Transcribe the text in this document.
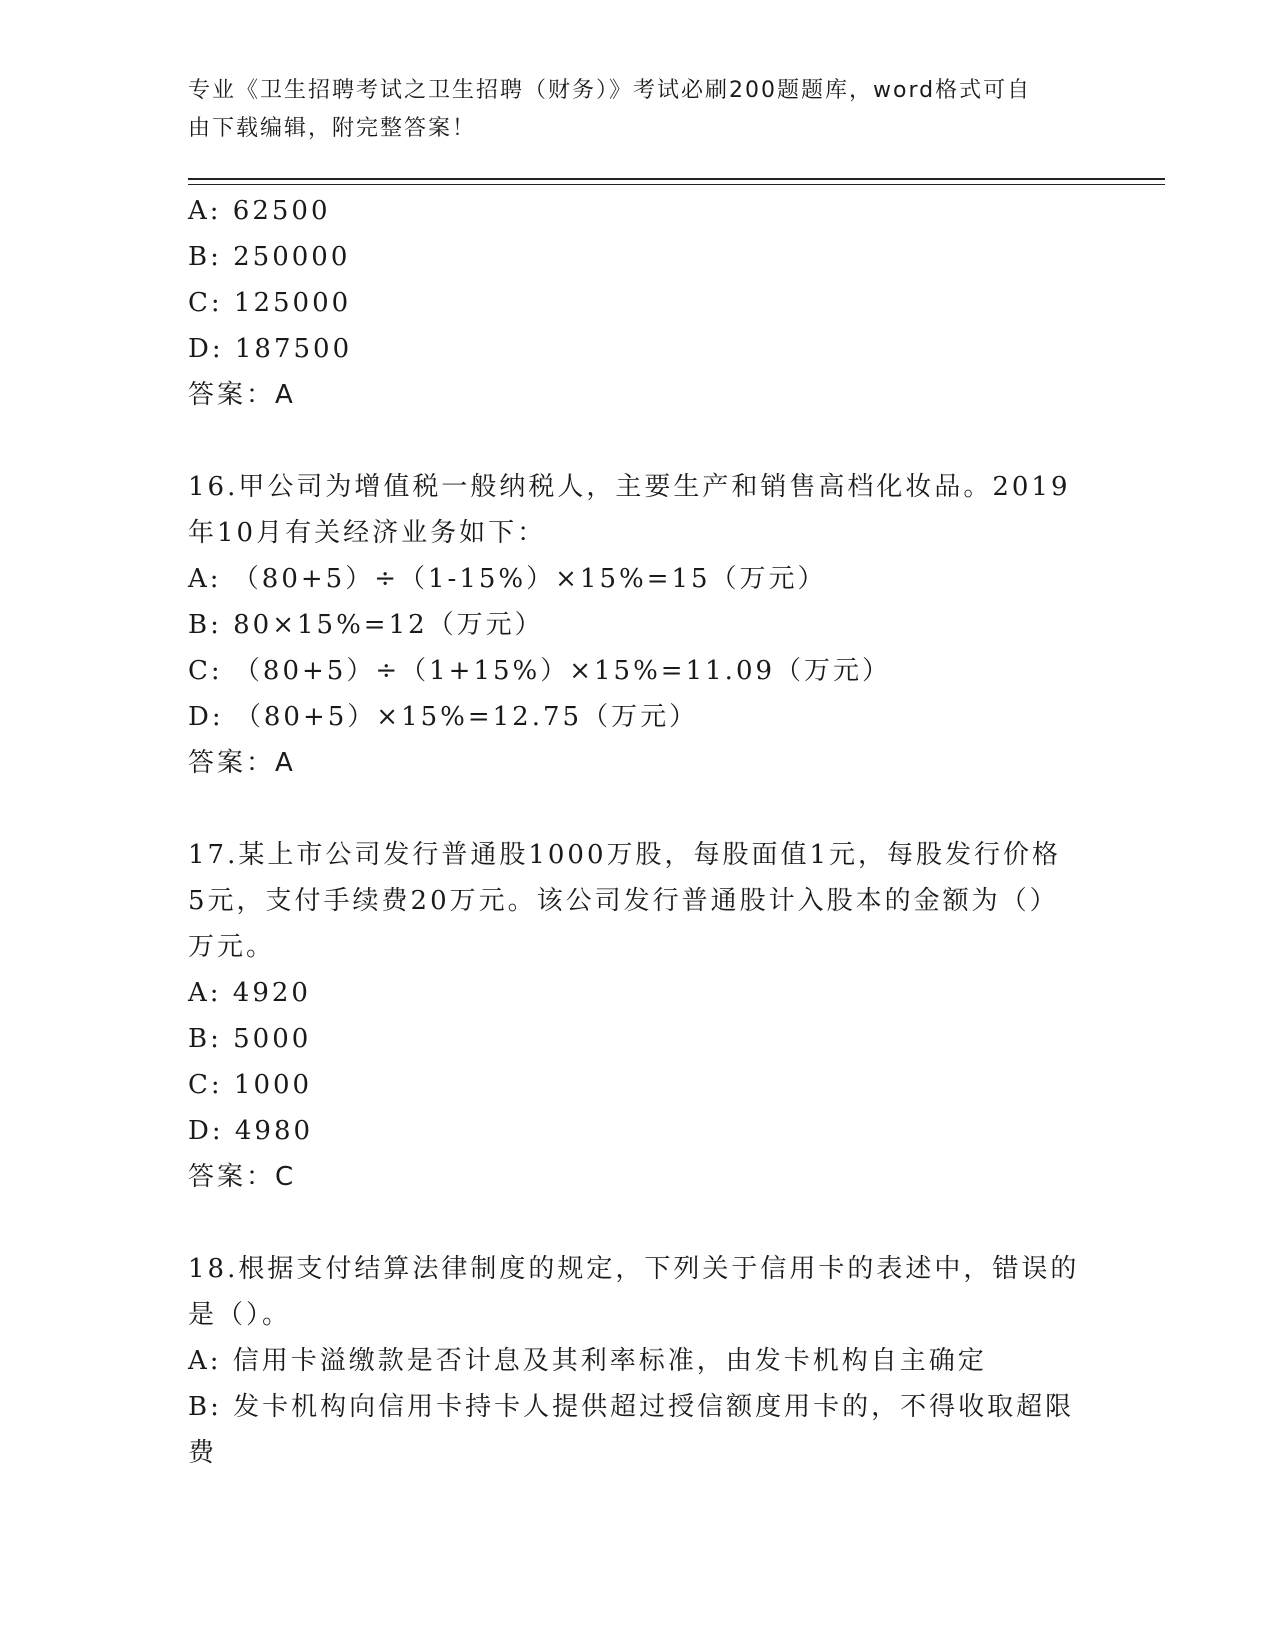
专业《卫生招聘考试之卫生招聘（财务）》考试必刷200题题库，word格式可自
由下载编辑，附完整答案！
A: 62500
B: 250000
C: 125000
D: 187500
答案：A
16.甲公司为增值税一般纳税人，主要生产和销售高档化妆品。2019
年10月有关经济业务如下：
A: （80+5）÷（1-15%）×15%=15（万元）
B: 80×15%=12（万元）
C: （80+5）÷（1+15%）×15%=11.09（万元）
D: （80+5）×15%=12.75（万元）
答案：A
17.某上市公司发行普通股1000万股，每股面值1元，每股发行价格
5元，支付手续费20万元。该公司发行普通股计入股本的金额为（）
万元。
A: 4920
B: 5000
C: 1000
D: 4980
答案：C
18.根据支付结算法律制度的规定，下列关于信用卡的表述中，错误的
是（）。
A: 信用卡溢缴款是否计息及其利率标准，由发卡机构自主确定
B: 发卡机构向信用卡持卡人提供超过授信额度用卡的，不得收取超限
费
